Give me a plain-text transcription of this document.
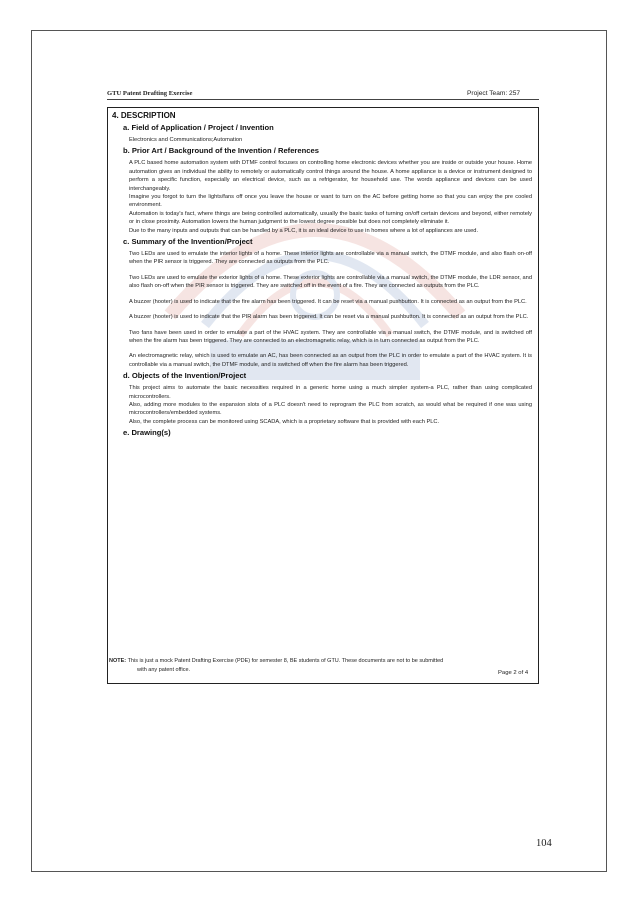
GTU Patent Drafting Exercise	Project Team: 257
4. DESCRIPTION
a. Field of Application / Project / Invention
Electronics and Communications;Automation
b. Prior Art / Background of the Invention / References
A PLC based home automation system with DTMF control focuses on controlling home electronic devices whether you are inside or outside your house. Home automation gives an individual the ability to remotely or automatically control things around the house. A home appliance is a device or instrument designed to perform a specific function, especially an electrical device, such as a refrigerator, for household use. The words appliance and devices can be used interchangeably.
Imagine you forgot to turn the lights/fans off once you leave the house or want to turn on the AC before getting home so that you can enjoy the pre cooled environment.
Automation is today's fact, where things are being controlled automatically, usually the basic tasks of turning on/off certain devices and beyond, either remotely or in close proximity. Automation lowers the human judgment to the lowest degree possible but does not completely eliminate it.
Due to the many inputs and outputs that can be handled by a PLC, it is an ideal device to use in homes where a lot of appliances are used.
c. Summary of the Invention/Project
Two LEDs are used to emulate the interior lights of a home. These interior lights are controllable via a manual switch, the DTMF module, and also flash on-off when the PIR sensor is triggered. They are connected as outputs from the PLC.
Two LEDs are used to emulate the exterior lights of a home. These exterior lights are controllable via a manual switch, the DTMF module, the LDR sensor, and also flash on-off when the PIR sensor is triggered. They are switched off in the event of a fire. They are connected as outputs from the PLC.
A buzzer (hooter) is used to indicate that the fire alarm has been triggered. It can be reset via a manual pushbutton. It is connected as an output from the PLC.
A buzzer (hooter) is used to indicate that the PIR alarm has been triggered. It can be reset via a manual pushbutton. It is connected as an output from the PLC.
Two fans have been used in order to emulate a part of the HVAC system. They are controllable via a manual switch, the DTMF module, and is switched off when the fire alarm has been triggered. They are connected to an electromagnetic relay, which is in turn connected as output from the PLC.
An electromagnetic relay, which is used to emulate an AC, has been connected as an output from the PLC in order to emulate a part of the HVAC system. It is controllable via a manual switch, the DTMF module, and is switched off when the fire alarm has been triggered.
d. Objects of the Invention/Project
This project aims to automate the basic necessities required in a generic home using a much simpler system-a PLC, rather than using complicated microcontrollers.
Also, adding more modules to the expansion slots of a PLC doesn't need to reprogram the PLC from scratch, as would what be required if one was using microcontrollers/embedded systems.
Also, the complete process can be monitored using SCADA, which is a proprietary software that is provided with each PLC.
e. Drawing(s)
NOTE: This is just a mock Patent Drafting Exercise (PDE) for semester 8, BE students of GTU. These documents are not to be submitted
with any patent office.
Page 2 of 4
104
